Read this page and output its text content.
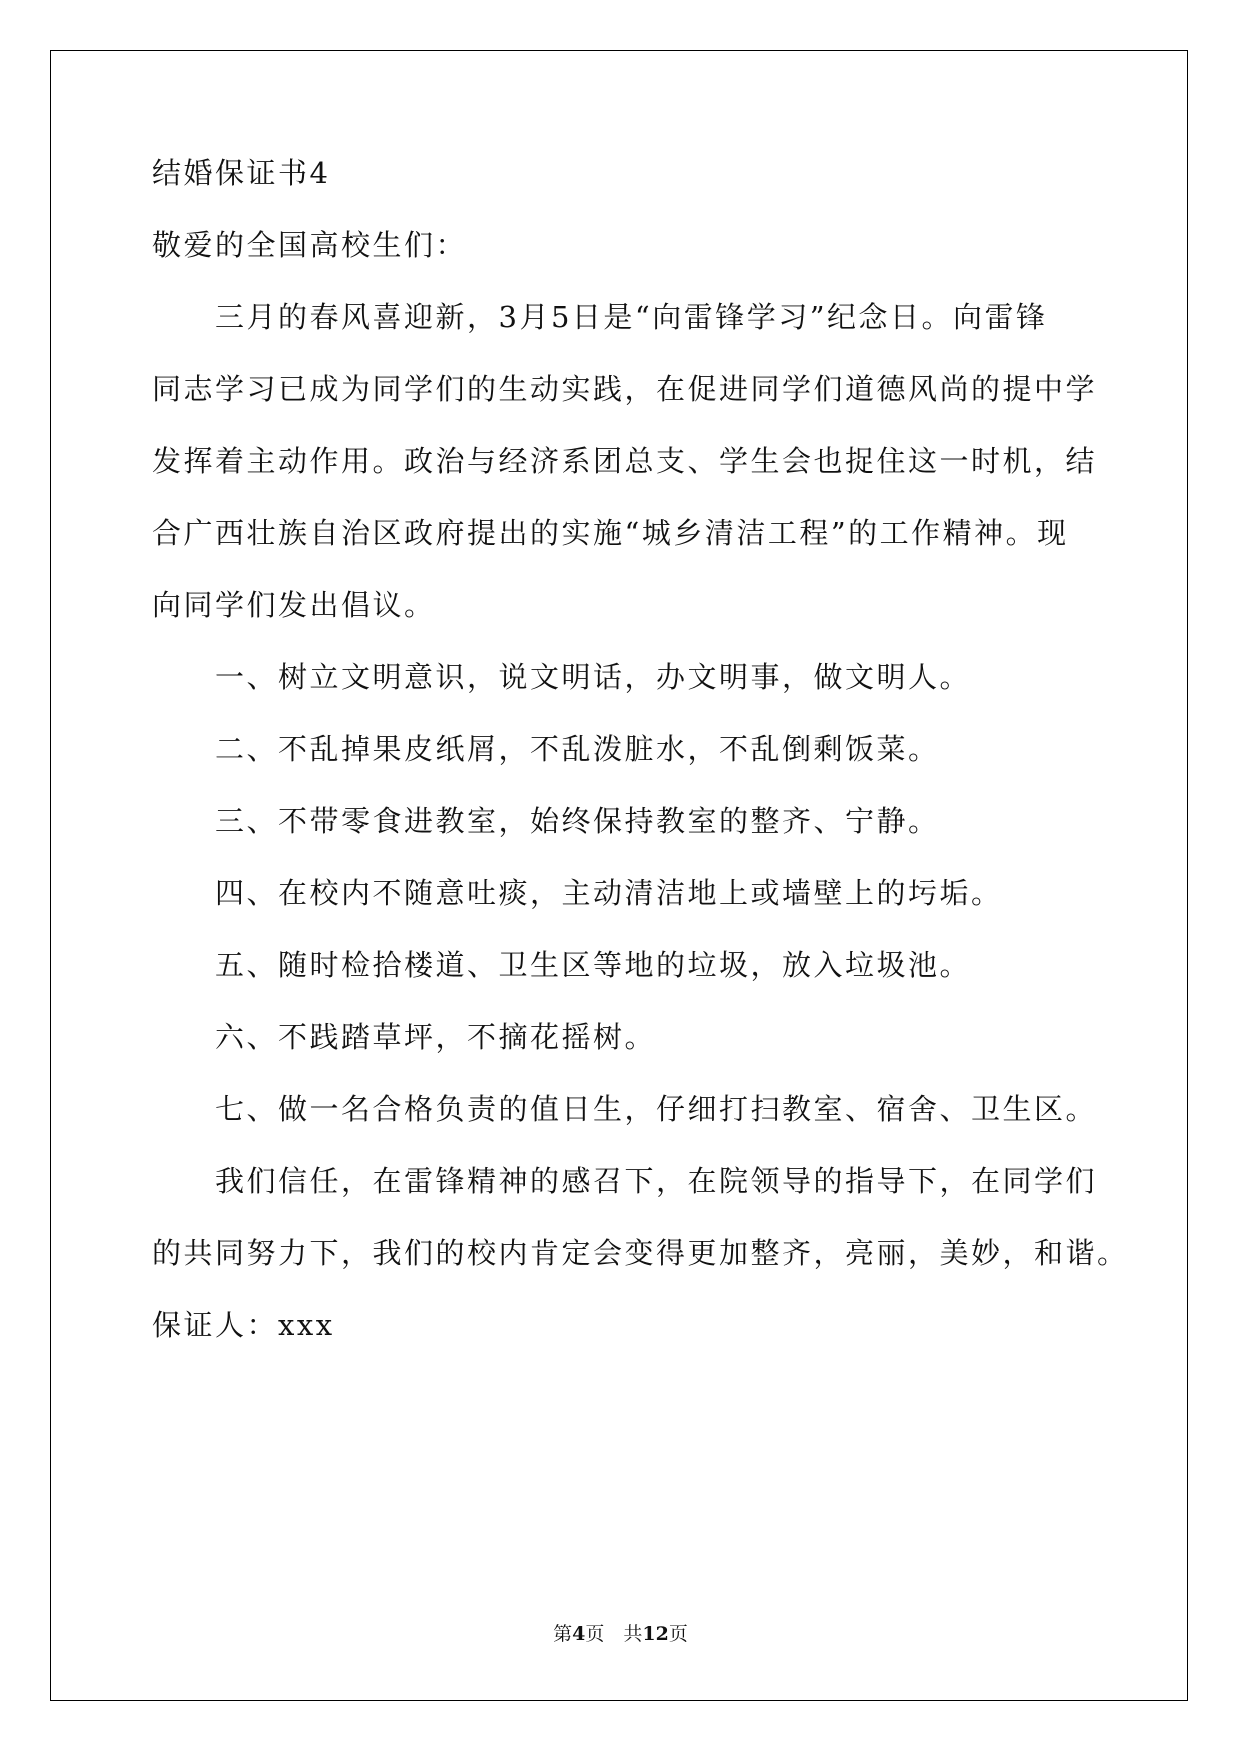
结婚保证书4

敬爱的全国高校生们：

三月的春风喜迎新，3月5日是“向雷锋学习”纪念日。向雷锋

同志学习已成为同学们的生动实践，在促进同学们道德风尚的提中学

发挥着主动作用。政治与经济系团总支、学生会也捉住这一时机，结

合广西壮族自治区政府提出的实施“城乡清洁工程”的工作精神。现

向同学们发出倡议。

一、树立文明意识，说文明话，办文明事，做文明人。

二、不乱掉果皮纸屑，不乱泼脏水，不乱倒剩饭菜。

三、不带零食进教室，始终保持教室的整齐、宁静。

四、在校内不随意吐痰，主动清洁地上或墙壁上的圬垢。

五、随时检拾楼道、卫生区等地的垃圾，放入垃圾池。

六、不践踏草坪，不摘花摇树。

七、做一名合格负责的值日生，仔细打扫教室、宿舍、卫生区。

我们信任，在雷锋精神的感召下，在院领导的指导下，在同学们

的共同努力下，我们的校内肯定会变得更加整齐，亮丽，美妙，和谐。

保证人：xxx

第4页　共12页
